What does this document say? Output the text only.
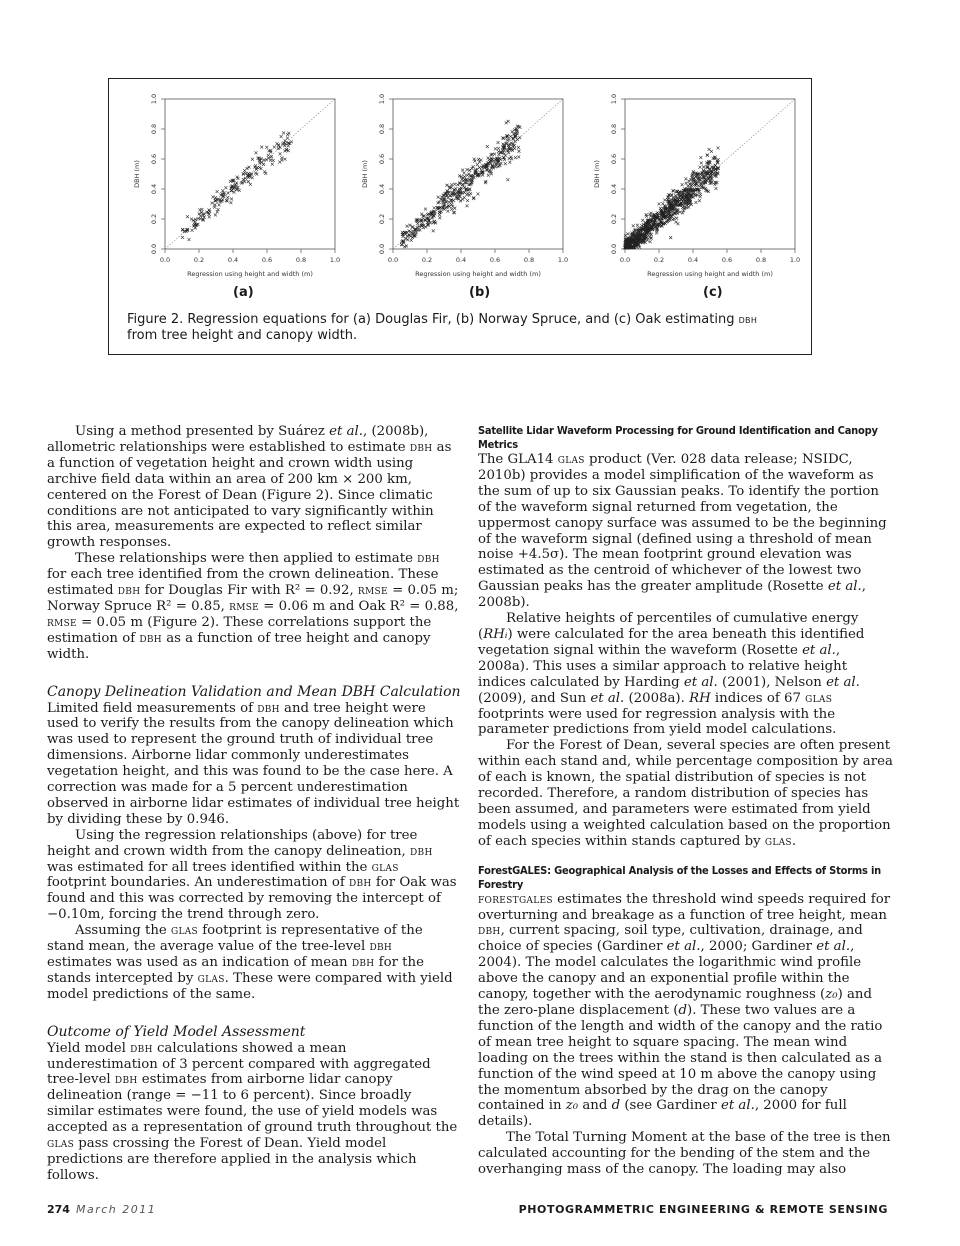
0.0	0.2	0.4	0.6	0.8	1.0
0.0
0.2
0.4
0.6
0.8
1.0
Regression using height and width (m)
DBH (m)
0.0	0.2	0.4	0.6	0.8	1.0
0.0
0.2
0.4
0.6
0.8
1.0
Regression using height and width (m)
DBH (m)
0.0	0.2	0.4	0.6	0.8	1.0
0.0
0.2
0.4
0.6
0.8
1.0
Regression using height and width (m)
DBH (m)
(a)	(b)	(c)
Figure 2. Regression equations for (a) Douglas Fir, (b) Norway Spruce, and (c) Oak estimating dbh
from tree height and canopy width.

Using a method presented by Suárez et al., (2008b), allometric relationships were established to estimate dbh as a function of vegetation height and crown width using archive field data within an area of 200 km × 200 km, centered on the Forest of Dean (Figure 2). Since climatic conditions are not anticipated to vary significantly within this area, measurements are expected to reflect similar growth responses.

These relationships were then applied to estimate dbh for each tree identified from the crown delineation. These estimated dbh for Douglas Fir with R² = 0.92, rmse = 0.05 m; Norway Spruce R² = 0.85, rmse = 0.06 m and Oak R² = 0.88, rmse = 0.05 m (Figure 2). These correlations support the estimation of dbh as a function of tree height and canopy width.

Canopy Delineation Validation and Mean DBH Calculation

Limited field measurements of dbh and tree height were used to verify the results from the canopy delineation which was used to represent the ground truth of individual tree dimensions. Airborne lidar commonly underestimates vegetation height, and this was found to be the case here. A correction was made for a 5 percent underestimation observed in airborne lidar estimates of individual tree height by dividing these by 0.946.

Using the regression relationships (above) for tree height and crown width from the canopy delineation, dbh was estimated for all trees identified within the glas footprint boundaries. An underestimation of dbh for Oak was found and this was corrected by removing the intercept of −0.10m, forcing the trend through zero.

Assuming the glas footprint is representative of the stand mean, the average value of the tree-level dbh estimates was used as an indication of mean dbh for the stands intercepted by glas. These were compared with yield model predictions of the same.

Outcome of Yield Model Assessment

Yield model dbh calculations showed a mean underestimation of 3 percent compared with aggregated tree-level dbh estimates from airborne lidar canopy delineation (range = −11 to 6 percent). Since broadly similar estimates were found, the use of yield models was accepted as a representation of ground truth throughout the glas pass crossing the Forest of Dean. Yield model predictions are therefore applied in the analysis which follows.

Satellite Lidar Waveform Processing for Ground Identification and Canopy Metrics

The GLA14 glas product (Ver. 028 data release; NSIDC, 2010b) provides a model simplification of the waveform as the sum of up to six Gaussian peaks. To identify the portion of the waveform signal returned from vegetation, the uppermost canopy surface was assumed to be the beginning of the waveform signal (defined using a threshold of mean noise +4.5σ). The mean footprint ground elevation was estimated as the centroid of whichever of the lowest two Gaussian peaks has the greater amplitude (Rosette et al., 2008b).

Relative heights of percentiles of cumulative energy (RHᵢ) were calculated for the area beneath this identified vegetation signal within the waveform (Rosette et al., 2008a). This uses a similar approach to relative height indices calculated by Harding et al. (2001), Nelson et al. (2009), and Sun et al. (2008a). RH indices of 67 glas footprints were used for regression analysis with the parameter predictions from yield model calculations.

For the Forest of Dean, several species are often present within each stand and, while percentage composition by area of each is known, the spatial distribution of species is not recorded. Therefore, a random distribution of species has been assumed, and parameters were estimated from yield models using a weighted calculation based on the proportion of each species within stands captured by glas.

ForestGALES: Geographical Analysis of the Losses and Effects of Storms in Forestry

forestgales estimates the threshold wind speeds required for overturning and breakage as a function of tree height, mean dbh, current spacing, soil type, cultivation, drainage, and choice of species (Gardiner et al., 2000; Gardiner et al., 2004). The model calculates the logarithmic wind profile above the canopy and an exponential profile within the canopy, together with the aerodynamic roughness (z₀) and the zero-plane displacement (d). These two values are a function of the length and width of the canopy and the ratio of mean tree height to square spacing. The mean wind loading on the trees within the stand is then calculated as a function of the wind speed at 10 m above the canopy using the momentum absorbed by the drag on the canopy contained in z₀ and d (see Gardiner et al., 2000 for full details).

The Total Turning Moment at the base of the tree is then calculated accounting for the bending of the stem and the overhanging mass of the canopy. The loading may also

274 March 2011	PHOTOGRAMMETRIC ENGINEERING & REMOTE SENSING
